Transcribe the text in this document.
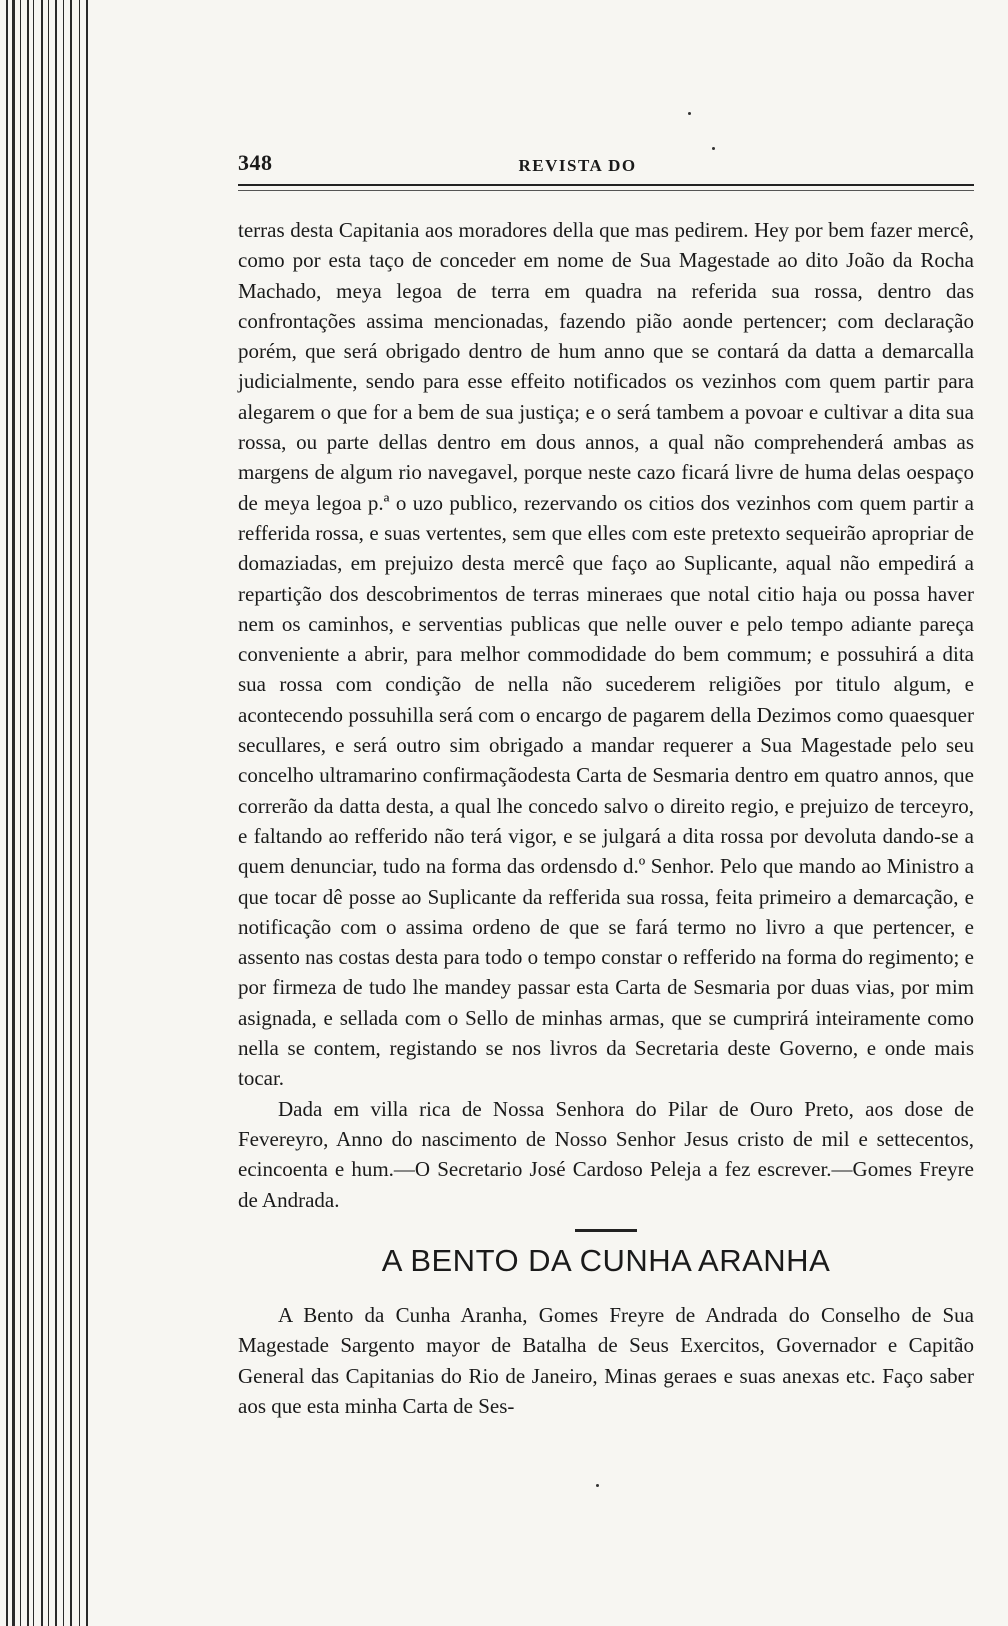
348	REVISTA DO

terras desta Capitania aos moradores della que mas pedirem. Hey por bem fazer mercê, como por esta taço de conceder em nome de Sua Magestade ao dito João da Rocha Machado, meya legoa de terra em quadra na referida sua rossa, dentro das confrontações assima mencionadas, fazendo pião aonde pertencer; com declaração porém, que será obrigado dentro de hum anno que se contará da datta a demarcalla judicialmente, sendo para esse effeito notificados os vezinhos com quem partir para alegarem o que for a bem de sua justiça; e o será tambem a povoar e cultivar a dita sua rossa, ou parte dellas dentro em dous annos, a qual não comprehenderá ambas as margens de algum rio navegavel, porque neste cazo ficará livre de huma delas oespaço de meya legoa p.ª o uzo publico, rezervando os citios dos vezinhos com quem partir a refferida rossa, e suas vertentes, sem que elles com este pretexto sequeirão apropriar de domaziadas, em prejuizo desta mercê que faço ao Suplicante, aqual não empedirá a repartição dos descobrimentos de terras mineraes que notal citio haja ou possa haver nem os caminhos, e serventias publicas que nelle ouver e pelo tempo adiante pareça conveniente a abrir, para melhor commodidade do bem commum; e possuhirá a dita sua rossa com condição de nella não sucederem religiões por titulo algum, e acontecendo possuhilla será com o encargo de pagarem della Dezimos como quaesquer secullares, e será outro sim obrigado a mandar requerer a Sua Magestade pelo seu concelho ultramarino confirmaçãodesta Carta de Sesmaria dentro em quatro annos, que correrão da datta desta, a qual lhe concedo salvo o direito regio, e prejuizo de terceyro, e faltando ao refferido não terá vigor, e se julgará a dita rossa por devoluta dando-se a quem denunciar, tudo na forma das ordensdo d.º Senhor. Pelo que mando ao Ministro a que tocar dê posse ao Suplicante da refferida sua rossa, feita primeiro a demarcação, e notificação com o assima ordeno de que se fará termo no livro a que pertencer, e assento nas costas desta para todo o tempo constar o refferido na forma do regimento; e por firmeza de tudo lhe mandey passar esta Carta de Sesmaria por duas vias, por mim asignada, e sellada com o Sello de minhas armas, que se cumprirá inteiramente como nella se contem, registando se nos livros da Secretaria deste Governo, e onde mais tocar.

Dada em villa rica de Nossa Senhora do Pilar de Ouro Preto, aos dose de Fevereyro, Anno do nascimento de Nosso Senhor Jesus cristo de mil e settecentos, ecincoenta e hum.—O Secretario José Cardoso Peleja a fez escrever.—Gomes Freyre de Andrada.

A BENTO DA CUNHA ARANHA

A Bento da Cunha Aranha, Gomes Freyre de Andrada do Conselho de Sua Magestade Sargento mayor de Batalha de Seus Exercitos, Governador e Capitão General das Capitanias do Rio de Janeiro, Minas geraes e suas anexas etc. Faço saber aos que esta minha Carta de Ses-
